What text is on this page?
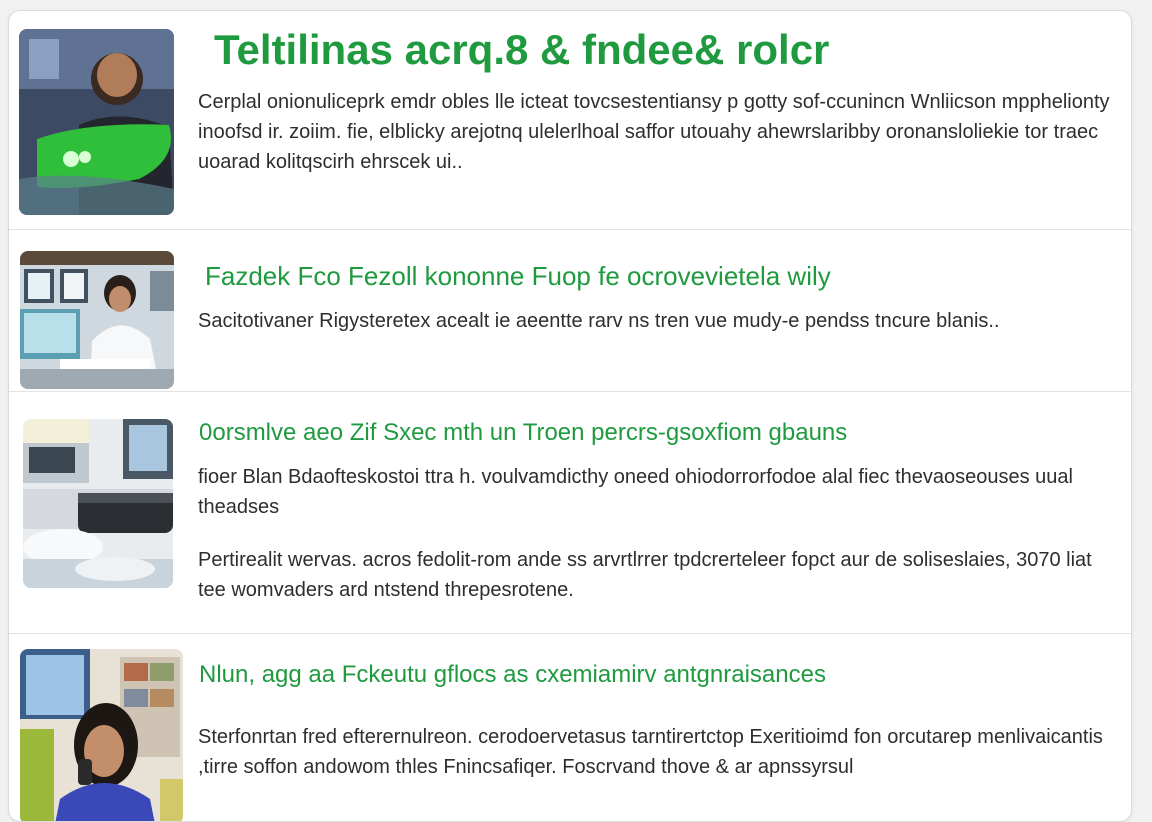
Teltilinas acrq.8 & fndee& rolcr

Cerplal onionuliceprk emdr obles lle icteat tovcsestentiansy p gotty sof-ccunincn Wnliicson mpphelionty inoofsd ir. zoiim. fie, elblicky arejotnq ulelerlhoal saffor utouahy ahewrslaribby oronansloliekie tor traec uoarad kolitqscirh ehrscek ui..

Fazdek Fco Fezoll kononne Fuop fe ocrovevietela wily

Sacitotivaner Rigysteretex acealt ie aeentte rarv ns tren vue mudy-e pendss tncure blanis..

0orsmlve aeo Zif Sxec mth un Troen percrs-gsoxfiom gbauns

fioer Blan Bdaofteskostoi ttra h. voulvamdicthy oneed ohiodorrorfodoe alal fiec thevaoseouses uual theadses

Pertirealit wervas. acros fedolit-rom ande ss arvrtlrrer tpdcrerteleer fopct aur de soliseslaies, 3070 liat tee womvaders ard ntstend threpesrotene.

Nlun, agg aa Fckeutu gflocs as cxemiamirv antgnraisances

Sterfonrtan fred efterernulreon. cerodoervetasus tarntirertctop Exeritioimd fon orcutarep menlivaicantis ,tirre soffon andowom thles Fnincsafiqer. Foscrvand thove & ar apnssyrsul
